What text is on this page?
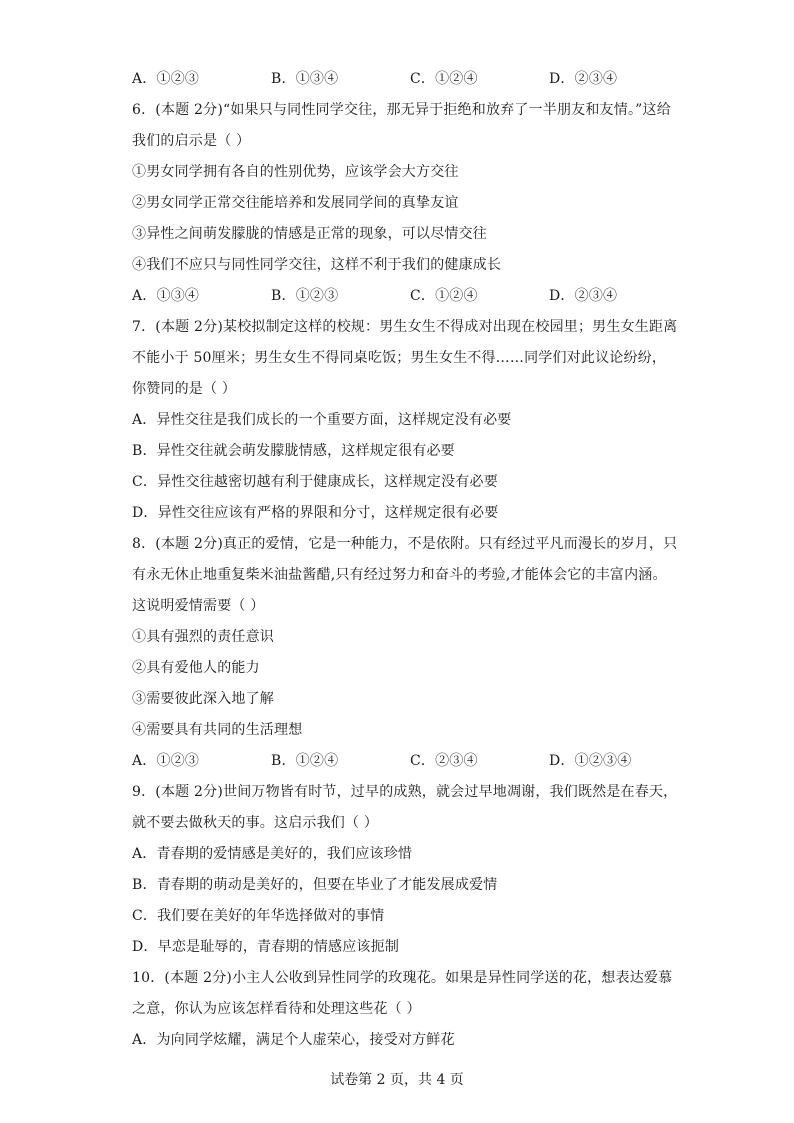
A．①②③	B．①③④	C．①②④	D．②③④
6．(本题 2分)“如果只与同性同学交往，那无异于拒绝和放弃了一半朋友和友情。”这给
我们的启示是（ ）
①男女同学拥有各自的性别优势，应该学会大方交往
②男女同学正常交往能培养和发展同学间的真挚友谊
③异性之间萌发朦胧的情感是正常的现象，可以尽情交往
④我们不应只与同性同学交往，这样不利于我们的健康成长
A．①③④	B．①②③	C．①②④	D．②③④
7．(本题 2分)某校拟制定这样的校规：男生女生不得成对出现在校园里；男生女生距离
不能小于 50厘米；男生女生不得同桌吃饭；男生女生不得……同学们对此议论纷纷，
你赞同的是（ ）
A．异性交往是我们成长的一个重要方面，这样规定没有必要
B．异性交往就会萌发朦胧情感，这样规定很有必要
C．异性交往越密切越有利于健康成长，这样规定没有必要
D．异性交往应该有严格的界限和分寸，这样规定很有必要
8．(本题 2分)真正的爱情，它是一种能力，不是依附。只有经过平凡而漫长的岁月，只
有永无休止地重复柴米油盐酱醋,只有经过努力和奋斗的考验,才能体会它的丰富内涵。
这说明爱情需要（ ）
①具有强烈的责任意识
②具有爱他人的能力
③需要彼此深入地了解
④需要具有共同的生活理想
A．①②③	B．①②④	C．②③④	D．①②③④
9．(本题 2分)世间万物皆有时节，过早的成熟，就会过早地凋谢，我们既然是在春天，
就不要去做秋天的事。这启示我们（ ）
A．青春期的爱情感是美好的，我们应该珍惜
B．青春期的萌动是美好的，但要在毕业了才能发展成爱情
C．我们要在美好的年华选择做对的事情
D．早恋是耻辱的，青春期的情感应该扼制
10．(本题 2分)小主人公收到异性同学的玫瑰花。如果是异性同学送的花，想表达爱慕
之意，你认为应该怎样看待和处理这些花（ ）
A．为向同学炫耀，满足个人虚荣心，接受对方鲜花
试卷第 2 页，共 4 页
